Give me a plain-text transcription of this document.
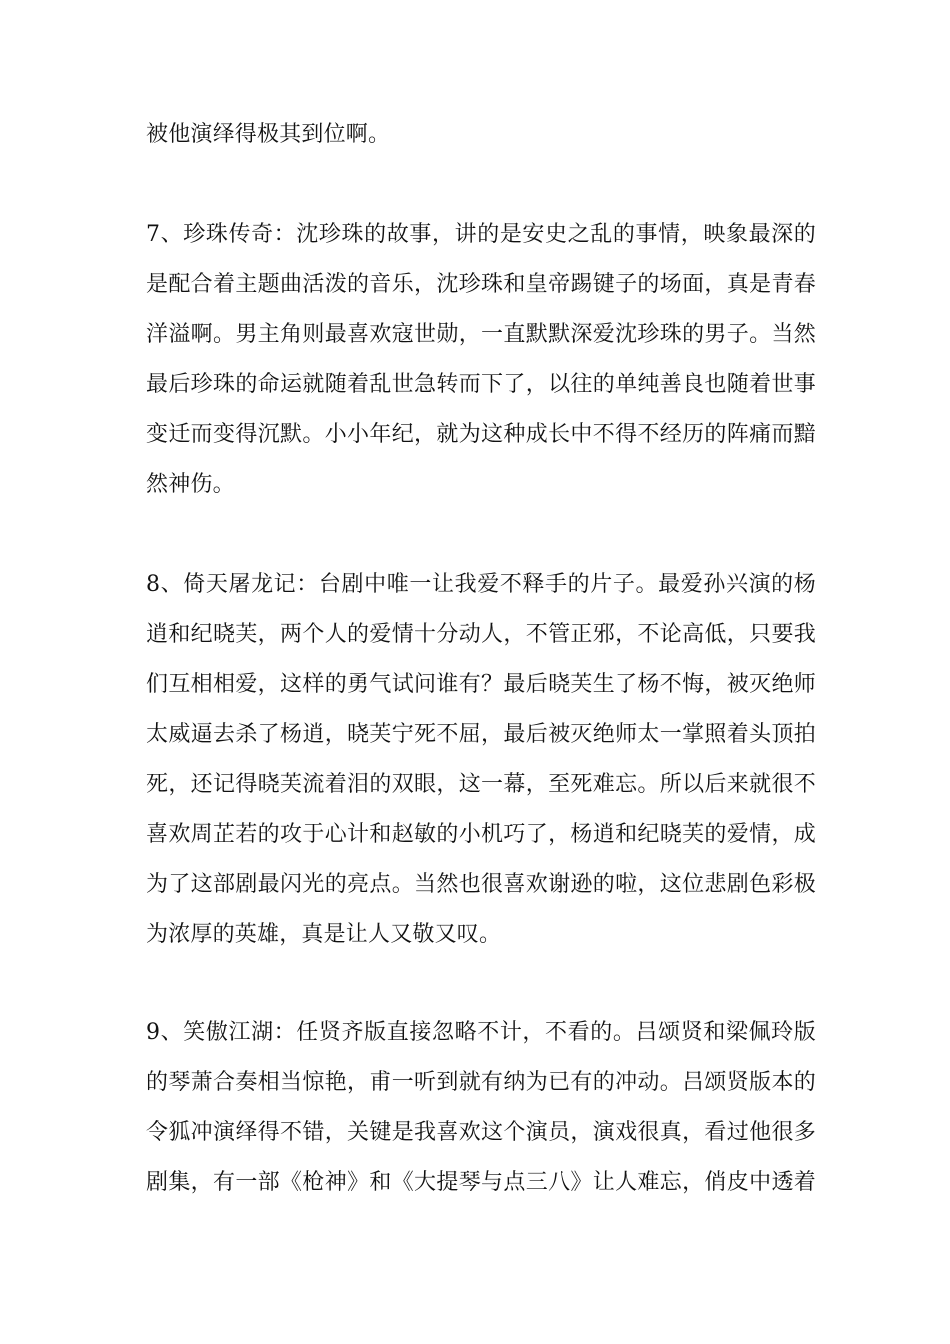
被他演绎得极其到位啊。
7、珍珠传奇：沈珍珠的故事，讲的是安史之乱的事情，映象最深的
是配合着主题曲活泼的音乐，沈珍珠和皇帝踢键子的场面，真是青春
洋溢啊。男主角则最喜欢寇世勋，一直默默深爱沈珍珠的男子。当然
最后珍珠的命运就随着乱世急转而下了，以往的单纯善良也随着世事
变迁而变得沉默。小小年纪，就为这种成长中不得不经历的阵痛而黯
然神伤。
8、倚天屠龙记：台剧中唯一让我爱不释手的片子。最爱孙兴演的杨
逍和纪晓芙，两个人的爱情十分动人，不管正邪，不论高低，只要我
们互相相爱，这样的勇气试问谁有？最后晓芙生了杨不悔，被灭绝师
太威逼去杀了杨逍，晓芙宁死不屈，最后被灭绝师太一掌照着头顶拍
死，还记得晓芙流着泪的双眼，这一幕，至死难忘。所以后来就很不
喜欢周芷若的攻于心计和赵敏的小机巧了，杨逍和纪晓芙的爱情，成
为了这部剧最闪光的亮点。当然也很喜欢谢逊的啦，这位悲剧色彩极
为浓厚的英雄，真是让人又敬又叹。
9、笑傲江湖：任贤齐版直接忽略不计，不看的。吕颂贤和梁佩玲版
的琴萧合奏相当惊艳，甫一听到就有纳为已有的冲动。吕颂贤版本的
令狐冲演绎得不错，关键是我喜欢这个演员，演戏很真，看过他很多
剧集，有一部《枪神》和《大提琴与点三八》让人难忘，俏皮中透着
